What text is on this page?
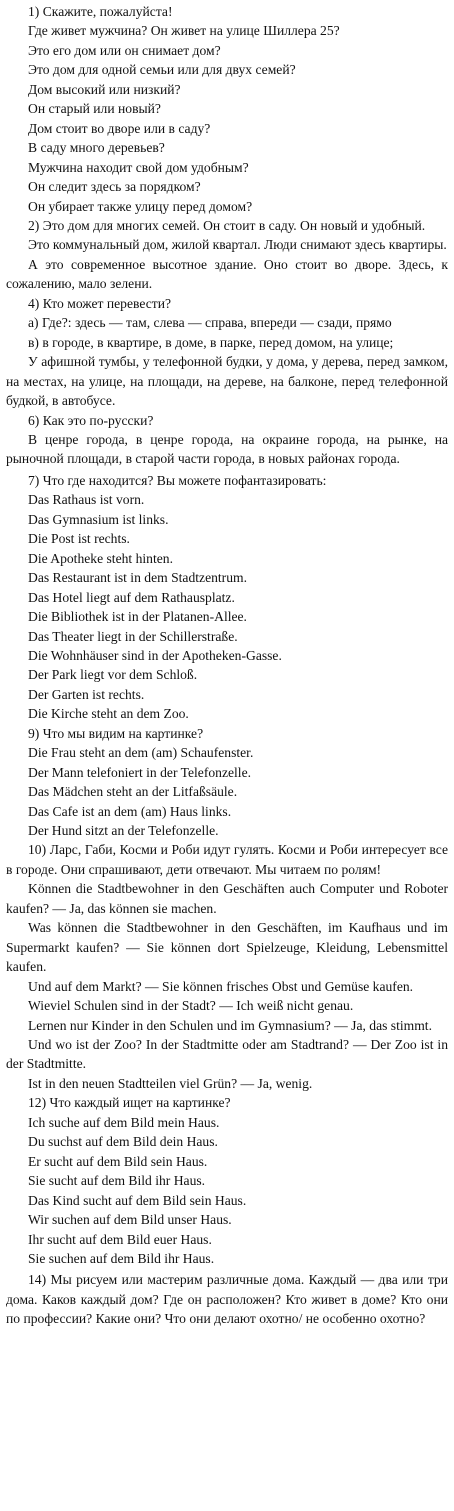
1) Скажите, пожалуйста!

Где живет мужчина? Он живет на улице Шиллера 25?

Это его дом или он снимает дом?

Это дом для одной семьи или для двух семей?

Дом высокий или низкий?

Он старый или новый?

Дом стоит во дворе или в саду?

В саду много деревьев?

Мужчина находит свой дом удобным?

Он следит здесь за порядком?

Он убирает также улицу перед домом?

2) Это дом для многих семей. Он стоит в саду. Он новый и удобный.

Это коммунальный дом, жилой квартал. Люди снимают здесь квартиры.

А это современное высотное здание. Оно стоит во дворе. Здесь, к сожалению, мало зелени.

4) Кто может перевести?

а) Где?: здесь — там, слева — справа, впереди — сзади, прямо

в) в городе, в квартире, в доме, в парке, перед домом, на улице;

У афишной тумбы, у телефонной будки, у дома, у дерева, перед замком, на местах, на улице, на площади, на дереве, на балконе, перед телефонной будкой, в автобусе.

6) Как это по-русски?

В ценре города, в ценре города, на окраине города, на рынке, на рыночной площади, в старой части города, в новых районах города.

7) Что где находится? Вы можете пофантазировать:

Das Rathaus ist vorn.

Das Gymnasium ist links.

Die Post ist rechts.

Die Apotheke steht hinten.

Das Restaurant ist in dem Stadtzentrum.

Das Hotel liegt auf dem Rathausplatz.

Die Bibliothek ist in der Platanen-Allee.

Das Theater liegt in der Schillerstraße.

Die Wohnhäuser sind in der Apotheken-Gasse.

Der Park liegt vor dem Schloß.

Der Garten ist rechts.

Die Kirche steht an dem Zoo.

9) Что мы видим на картинке?

Die Frau steht an dem (am) Schaufenster.

Der Mann telefoniert in der Telefonzelle.

Das Mädchen steht an der Litfaßsäule.

Das Cafe ist an dem (am) Haus links.

Der Hund sitzt an der Telefonzelle.

10) Ларс, Габи, Косми и Роби идут гулять. Косми и Роби интересует все в городе. Они спрашивают, дети отвечают. Мы читаем по ролям!

Können die Stadtbewohner in den Geschäften auch Computer und Roboter kaufen? — Ja, das können sie machen.

Was können die Stadtbewohner in den Geschäften, im Kaufhaus und im Supermarkt kaufen? — Sie können dort Spielzeuge, Kleidung, Lebensmittel kaufen.

Und auf dem Markt? — Sie können frisches Obst und Gemüse kaufen.

Wieviel Schulen sind in der Stadt? — Ich weiß nicht genau.

Lernen nur Kinder in den Schulen und im Gymnasium? — Ja, das stimmt.

Und wo ist der Zoo? In der Stadtmitte oder am Stadtrand? — Der Zoo ist in der Stadtmitte.

Ist in den neuen Stadtteilen viel Grün? — Ja, wenig.

12) Что каждый ищет на картинке?

Ich suche auf dem Bild mein Haus.

Du suchst auf dem Bild dein Haus.

Er sucht auf dem Bild sein Haus.

Sie sucht auf dem Bild ihr Haus.

Das Kind sucht auf dem Bild sein Haus.

Wir suchen auf dem Bild unser Haus.

Ihr sucht auf dem Bild euer Haus.

Sie suchen auf dem Bild ihr Haus.

14) Мы рисуем или мастерим различные дома. Каждый — два или три дома. Каков каждый дом? Где он расположен? Кто живет в доме? Кто они по профессии? Какие они? Что они делают охотно/ не особенно охотно?
